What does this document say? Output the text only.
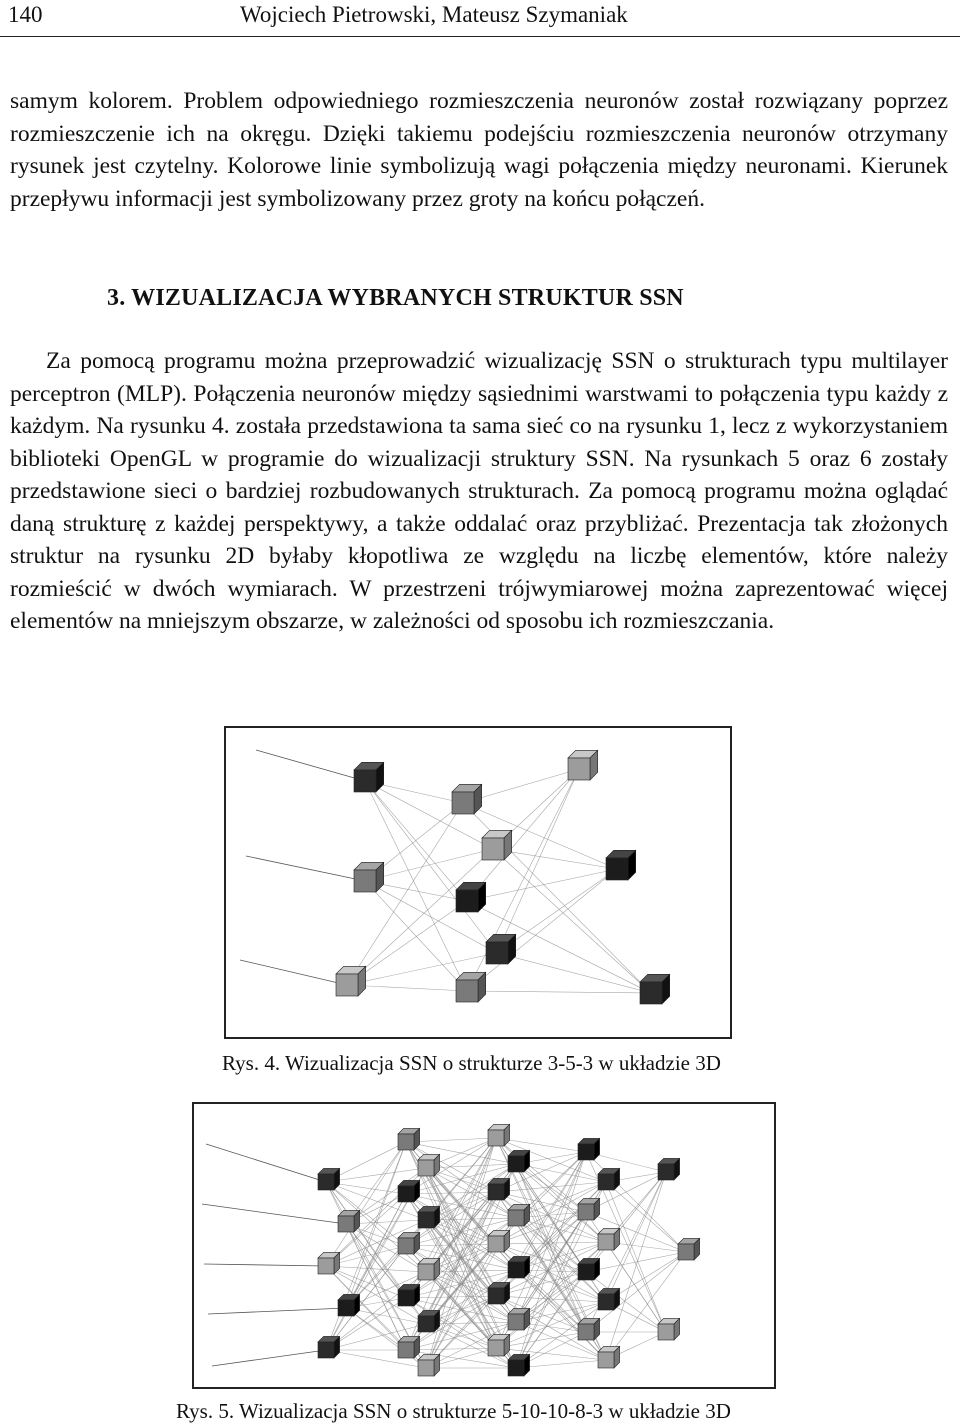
140	Wojciech Pietrowski, Mateusz Szymaniak

samym kolorem. Problem odpowiedniego rozmieszczenia neuronów został rozwiązany poprzez rozmieszczenie ich na okręgu. Dzięki takiemu podejściu rozmieszczenia neuronów otrzymany rysunek jest czytelny. Kolorowe linie symbolizują wagi połączenia między neuronami. Kierunek przepływu informacji jest symbolizowany przez groty na końcu połączeń.

3. WIZUALIZACJA WYBRANYCH STRUKTUR SSN

Za pomocą programu można przeprowadzić wizualizację SSN o strukturach typu multilayer perceptron (MLP). Połączenia neuronów między sąsiednimi warstwami to połączenia typu każdy z każdym. Na rysunku 4. została przedstawiona ta sama sieć co na rysunku 1, lecz z wykorzystaniem biblioteki OpenGL w programie do wizualizacji struktury SSN. Na rysunkach 5 oraz 6 zostały przedstawione sieci o bardziej rozbudowanych strukturach. Za pomocą programu można oglądać daną strukturę z każdej perspektywy, a także oddalać oraz przybliżać. Prezentacja tak złożonych struktur na rysunku 2D byłaby kłopotliwa ze względu na liczbę elementów, które należy rozmieścić w dwóch wymiarach. W przestrzeni trójwymiarowej można zaprezentować więcej elementów na mniejszym obszarze, w zależności od sposobu ich rozmieszczania.

Rys. 4. Wizualizacja SSN o strukturze 3-5-3 w układzie 3D
Rys. 5. Wizualizacja SSN o strukturze 5-10-10-8-3 w układzie 3D
